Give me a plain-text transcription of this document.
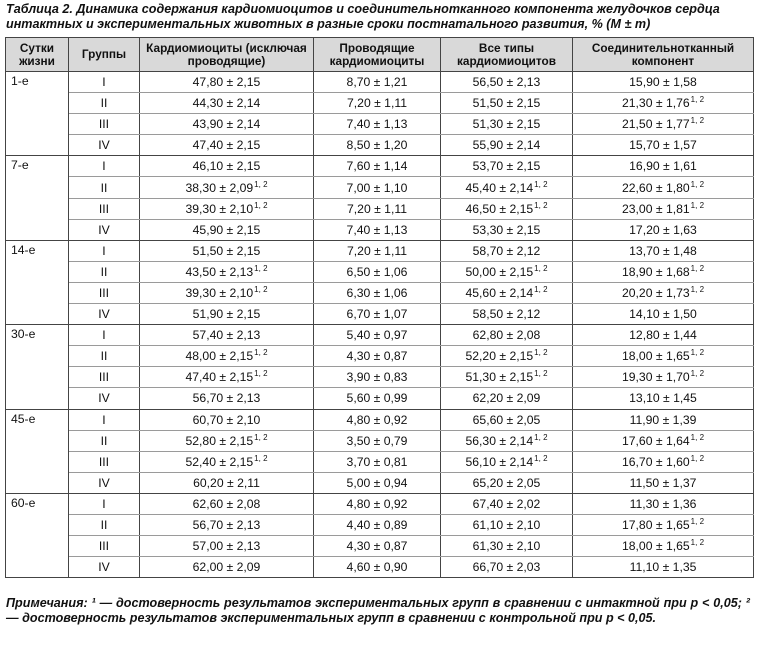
Таблица 2. Динамика содержания кардиомиоцитов и соединительнотканного компонента желудочков сердца интактных и экспериментальных животных в разные сроки постнатального развития, % (M ± m)
Сутки жизни	Группы	Кардиомиоциты (исключая проводящие)	Проводящие кардиомиоциты	Все типы кардиомиоцитов	Соединительнотканный компонент
1-е	I	47,80 ± 2,15	8,70 ± 1,21	56,50 ± 2,13	15,90 ± 1,58
	II	44,30 ± 2,14	7,20 ± 1,11	51,50 ± 2,15	$21,30 \pm 1,76^{1, 2}$
	III	43,90 ± 2,14	7,40 ± 1,13	51,30 ± 2,15	$21,50 \pm 1,77^{1, 2}$
	IV	47,40 ± 2,15	8,50 ± 1,20	55,90 ± 2,14	15,70 ± 1,57
7-е	I	46,10 ± 2,15	7,60 ± 1,14	53,70 ± 2,15	16,90 ± 1,61
	II	$38,30 \pm 2,09^{1, 2}$	7,00 ± 1,10	$45,40 \pm 2,14^{1, 2}$	$22,60 \pm 1,80^{1, 2}$
	III	$39,30 \pm 2,10^{1, 2}$	7,20 ± 1,11	$46,50 \pm 2,15^{1, 2}$	$23,00 \pm 1,81^{1, 2}$
	IV	45,90 ± 2,15	7,40 ± 1,13	53,30 ± 2,15	17,20 ± 1,63
14-е	I	51,50 ± 2,15	7,20 ± 1,11	58,70 ± 2,12	13,70 ± 1,48
	II	$43,50 \pm 2,13^{1, 2}$	6,50 ± 1,06	$50,00 \pm 2,15^{1, 2}$	$18,90 \pm 1,68^{1, 2}$
	III	$39,30 \pm 2,10^{1, 2}$	6,30 ± 1,06	$45,60 \pm 2,14^{1, 2}$	$20,20 \pm 1,73^{1, 2}$
	IV	51,90 ± 2,15	6,70 ± 1,07	58,50 ± 2,12	14,10 ± 1,50
30-е	I	57,40 ± 2,13	5,40 ± 0,97	62,80 ± 2,08	12,80 ± 1,44
	II	$48,00 \pm 2,15^{1, 2}$	4,30 ± 0,87	$52,20 \pm 2,15^{1, 2}$	$18,00 \pm 1,65^{1, 2}$
	III	$47,40 \pm 2,15^{1, 2}$	3,90 ± 0,83	$51,30 \pm 2,15^{1, 2}$	$19,30 \pm 1,70^{1, 2}$
	IV	56,70 ± 2,13	5,60 ± 0,99	62,20 ± 2,09	13,10 ± 1,45
45-е	I	60,70 ± 2,10	4,80 ± 0,92	65,60 ± 2,05	11,90 ± 1,39
	II	$52,80 \pm 2,15^{1, 2}$	3,50 ± 0,79	$56,30 \pm 2,14^{1, 2}$	$17,60 \pm 1,64^{1, 2}$
	III	$52,40 \pm 2,15^{1, 2}$	3,70 ± 0,81	$56,10 \pm 2,14^{1, 2}$	$16,70 \pm 1,60^{1, 2}$
	IV	60,20 ± 2,11	5,00 ± 0,94	65,20 ± 2,05	11,50 ± 1,37
60-е	I	62,60 ± 2,08	4,80 ± 0,92	67,40 ± 2,02	11,30 ± 1,36
	II	56,70 ± 2,13	4,40 ± 0,89	61,10 ± 2,10	$17,80 \pm 1,65^{1, 2}$
	III	57,00 ± 2,13	4,30 ± 0,87	61,30 ± 2,10	$18,00 \pm 1,65^{1, 2}$
	IV	62,00 ± 2,09	4,60 ± 0,90	66,70 ± 2,03	11,10 ± 1,35
Примечания: ¹ — достоверность результатов экспериментальных групп в сравнении с интактной при p < 0,05; ² — достоверность результатов экспериментальных групп в сравнении с контрольной при p < 0,05.
